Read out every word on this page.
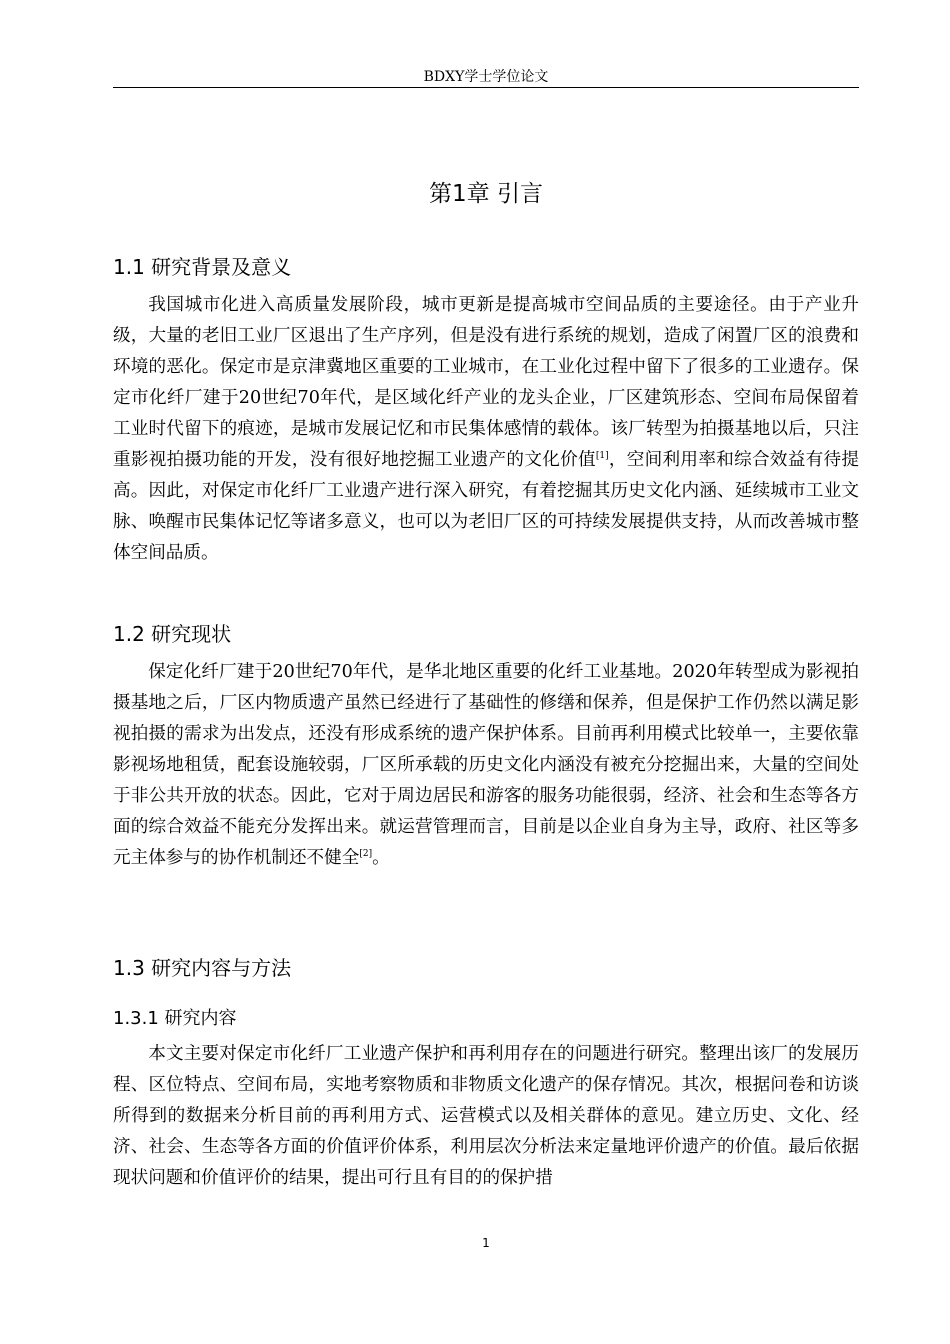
BDXY学士学位论文
第1章 引言
1.1 研究背景及意义

我国城市化进入高质量发展阶段，城市更新是提高城市空间品质的主要途径。由于产业升级，大量的老旧工业厂区退出了生产序列，但是没有进行系统的规划，造成了闲置厂区的浪费和环境的恶化。保定市是京津冀地区重要的工业城市，在工业化过程中留下了很多的工业遗存。保定市化纤厂建于20世纪70年代，是区域化纤产业的龙头企业，厂区建筑形态、空间布局保留着工业时代留下的痕迹，是城市发展记忆和市民集体感情的载体。该厂转型为拍摄基地以后，只注重影视拍摄功能的开发，没有很好地挖掘工业遗产的文化价值[1]，空间利用率和综合效益有待提高。因此，对保定市化纤厂工业遗产进行深入研究，有着挖掘其历史文化内涵、延续城市工业文脉、唤醒市民集体记忆等诸多意义，也可以为老旧厂区的可持续发展提供支持，从而改善城市整体空间品质。

1.2 研究现状

保定化纤厂建于20世纪70年代，是华北地区重要的化纤工业基地。2020年转型成为影视拍摄基地之后，厂区内物质遗产虽然已经进行了基础性的修缮和保养，但是保护工作仍然以满足影视拍摄的需求为出发点，还没有形成系统的遗产保护体系。目前再利用模式比较单一，主要依靠影视场地租赁，配套设施较弱，厂区所承载的历史文化内涵没有被充分挖掘出来，大量的空间处于非公共开放的状态。因此，它对于周边居民和游客的服务功能很弱，经济、社会和生态等各方面的综合效益不能充分发挥出来。就运营管理而言，目前是以企业自身为主导，政府、社区等多元主体参与的协作机制还不健全[2]。

1.3 研究内容与方法
1.3.1 研究内容

本文主要对保定市化纤厂工业遗产保护和再利用存在的问题进行研究。整理出该厂的发展历程、区位特点、空间布局，实地考察物质和非物质文化遗产的保存情况。其次，根据问卷和访谈所得到的数据来分析目前的再利用方式、运营模式以及相关群体的意见。建立历史、文化、经济、社会、生态等各方面的价值评价体系，利用层次分析法来定量地评价遗产的价值。最后依据现状问题和价值评价的结果，提出可行且有目的的保护措

1
